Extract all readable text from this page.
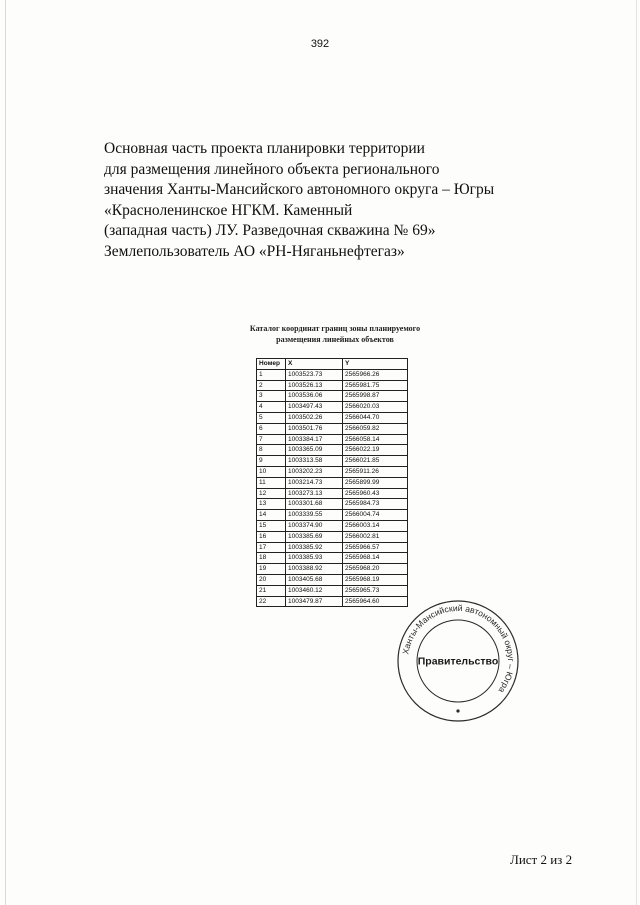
392
Основная часть проекта планировки территории
для размещения линейного объекта регионального
значения Ханты-Мансийского автономного округа – Югры
«Красноленинское НГКМ. Каменный
(западная часть) ЛУ. Разведочная скважина № 69»
Землепользователь АО «РН-Няганьнефтегаз»
Каталог координат границ зоны планируемого
размещения линейных объектов
Номер	X	Y
1	1003523.73	2565966.26
2	1003526.13	2565981.75
3	1003536.06	2565998.87
4	1003497.43	2566020.03
5	1003502.26	2566044.70
6	1003501.76	2566059.82
7	1003384.17	2566058.14
8	1003365.09	2566022.19
9	1003313.58	2566021.85
10	1003202.23	2565911.26
11	1003214.73	2565899.99
12	1003273.13	2565960.43
13	1003301.68	2565984.73
14	1003339.55	2566004.74
15	1003374.90	2566003.14
16	1003385.69	2566002.81
17	1003385.92	2565966.57
18	1003385.93	2565968.14
19	1003388.92	2565968.20
20	1003405.68	2565968.19
21	1003460.12	2565965.73
22	1003479.87	2565964.60
Ханты-Мансийский автономный округ – Югра
Правительство
Лист 2 из 2
